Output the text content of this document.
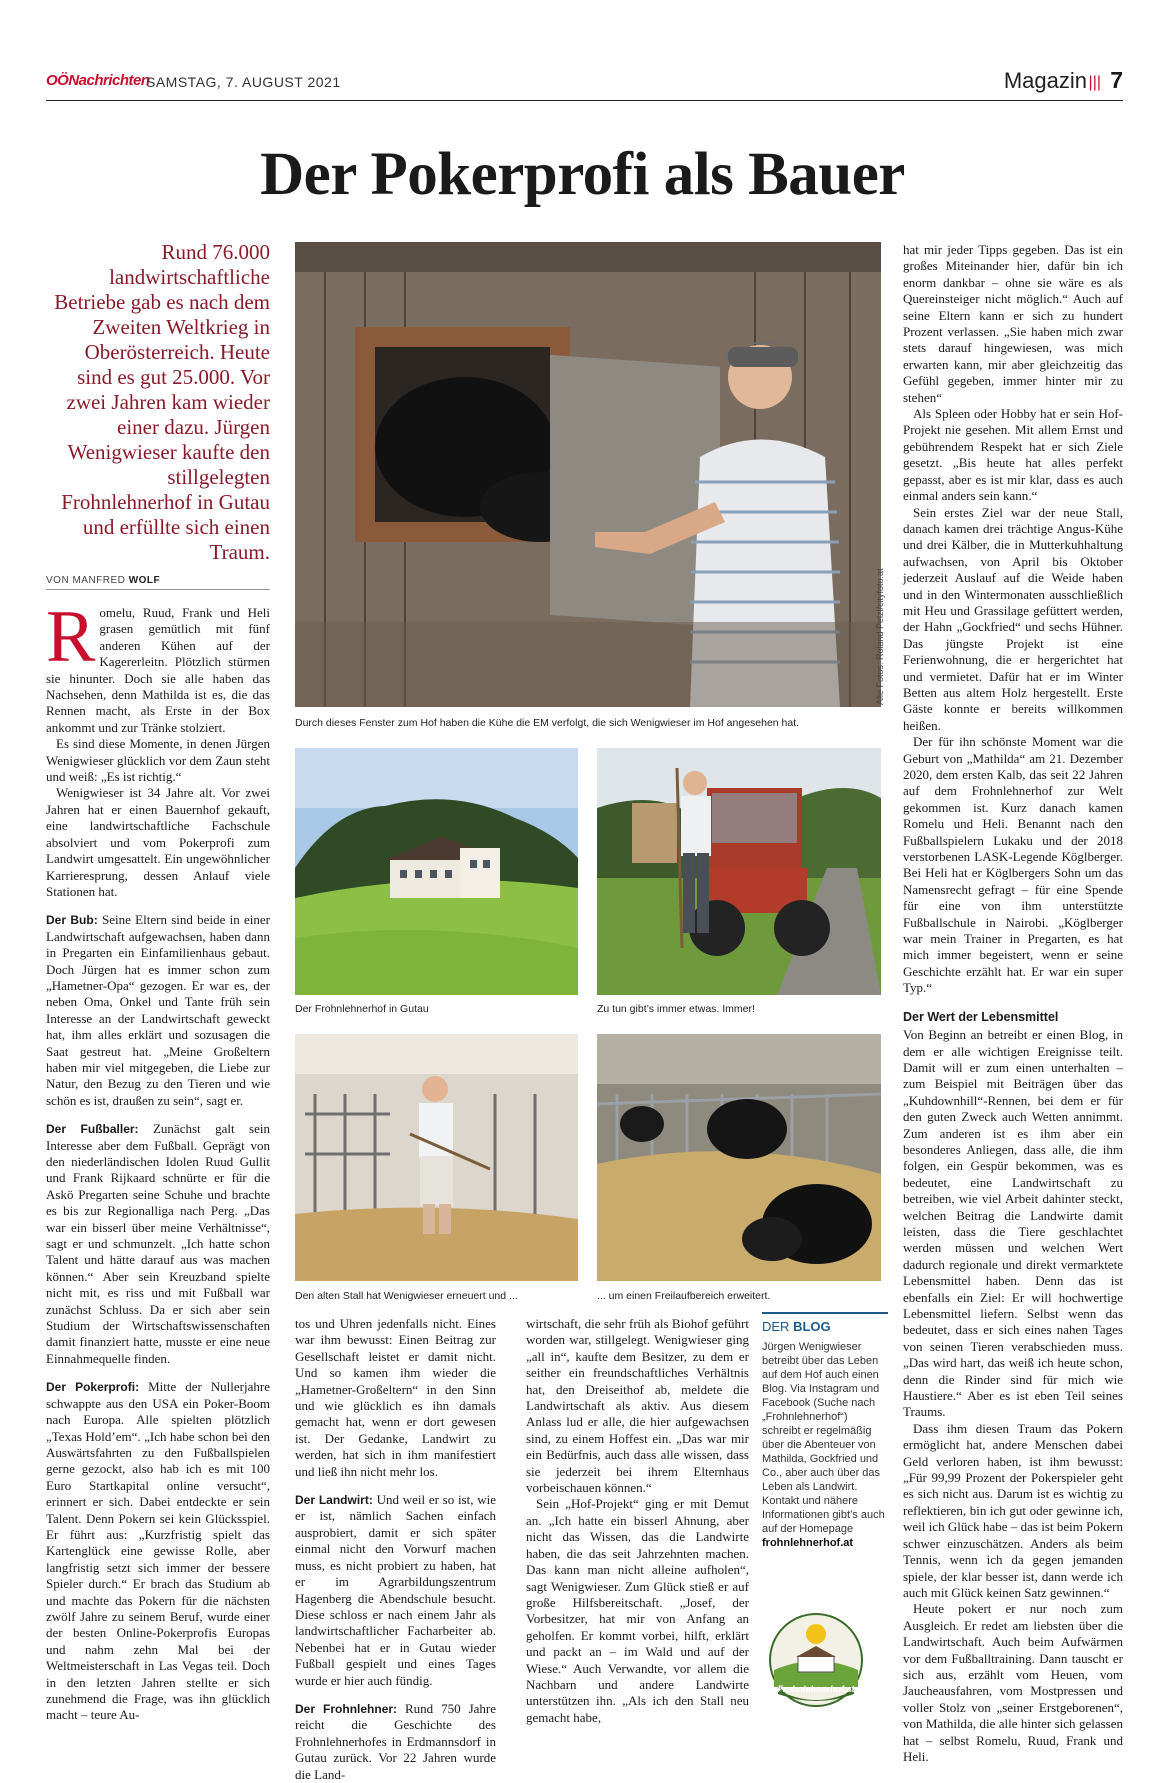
OÖNachrichten
SAMSTAG, 7. AUGUST 2021	Magazin ||| 7
Der Pokerprofi als Bauer
Rund 76.000 landwirtschaftliche Betriebe gab es nach dem Zweiten Weltkrieg in Oberösterreich. Heute sind es gut 25.000. Vor zwei Jahren kam wieder einer dazu. Jürgen Wenigwieser kaufte den stillgelegten Frohnlehnerhof in Gutau und erfüllte sich einen Traum.
VON MANFRED WOLF

Romelu, Ruud, Frank und Heli grasen gemütlich mit fünf anderen Kühen auf der Kagererleitn. Plötzlich stürmen sie hinunter. Doch sie alle haben das Nachsehen, denn Mathilda ist es, die das Rennen macht, als Erste in der Box ankommt und zur Tränke stolziert.

Es sind diese Momente, in denen Jürgen Wenigwieser glücklich vor dem Zaun steht und weiß: „Es ist richtig.“

Wenigwieser ist 34 Jahre alt. Vor zwei Jahren hat er einen Bauernhof gekauft, eine landwirtschaftliche Fachschule absolviert und vom Pokerprofi zum Landwirt umgesattelt. Ein ungewöhnlicher Karrieresprung, dessen Anlauf viele Stationen hat.

Der Bub: Seine Eltern sind beide in einer Landwirtschaft aufgewachsen, haben dann in Pregarten ein Einfamilienhaus gebaut. Doch Jürgen hat es immer schon zum „Hametner-Opa“ gezogen. Er war es, der neben Oma, Onkel und Tante früh sein Interesse an der Landwirtschaft geweckt hat, ihm alles erklärt und sozusagen die Saat gestreut hat. „Meine Großeltern haben mir viel mitgegeben, die Liebe zur Natur, den Bezug zu den Tieren und wie schön es ist, draußen zu sein“, sagt er.

Der Fußballer: Zunächst galt sein Interesse aber dem Fußball. Geprägt von den niederländischen Idolen Ruud Gullit und Frank Rijkaard schnürte er für die Askö Pregarten seine Schuhe und brachte es bis zur Regionalliga nach Perg. „Das war ein bisserl über meine Verhältnisse“, sagt er und schmunzelt. „Ich hatte schon Talent und hätte darauf aus was machen können.“ Aber sein Kreuzband spielte nicht mit, es riss und mit Fußball war zunächst Schluss. Da er sich aber sein Studium der Wirtschaftswissenschaften damit finanziert hatte, musste er eine neue Einnahmequelle finden.

Der Pokerprofi: Mitte der Nullerjahre schwappte aus den USA ein Poker-Boom nach Europa. Alle spielten plötzlich „Texas Hold’em“. „Ich habe schon bei den Auswärtsfahrten zu den Fußballspielen gerne gezockt, also hab ich es mit 100 Euro Startkapital online versucht“, erinnert er sich. Dabei entdeckte er sein Talent. Denn Pokern sei kein Glücksspiel. Er führt aus: „Kurzfristig spielt das Kartenglück eine gewisse Rolle, aber langfristig setzt sich immer der bessere Spieler durch.“ Er brach das Studium ab und machte das Pokern für die nächsten zwölf Jahre zu seinem Beruf, wurde einer der besten Online-Pokerprofis Europas und nahm zehn Mal bei der Weltmeisterschaft in Las Vegas teil. Doch in den letzten Jahren stellte er sich zunehmend die Frage, was ihn glücklich macht – teure Au-

Alle Fotos: Roland Pelzl/cityfoto.at
Durch dieses Fenster zum Hof haben die Kühe die EM verfolgt, die sich Wenigwieser im Hof angesehen hat.
Der Frohnlehnerhof in Gutau	Zu tun gibt’s immer etwas. Immer!
Den alten Stall hat Wenigwieser erneuert und ...	... um einen Freilaufbereich erweitert.

tos und Uhren jedenfalls nicht. Eines war ihm bewusst: Einen Beitrag zur Gesellschaft leistet er damit nicht. Und so kamen ihm wieder die „Hametner-Großeltern“ in den Sinn und wie glücklich es ihn damals gemacht hat, wenn er dort gewesen ist. Der Gedanke, Landwirt zu werden, hat sich in ihm manifestiert und ließ ihn nicht mehr los.

Der Landwirt: Und weil er so ist, wie er ist, nämlich Sachen einfach ausprobiert, damit er sich später einmal nicht den Vorwurf machen muss, es nicht probiert zu haben, hat er im Agrarbildungszentrum Hagenberg die Abendschule besucht. Diese schloss er nach einem Jahr als landwirtschaftlicher Facharbeiter ab. Nebenbei hat er in Gutau wieder Fußball gespielt und eines Tages wurde er hier auch fündig.

Der Frohnlehner: Rund 750 Jahre reicht die Geschichte des Frohnlehnerhofes in Erdmannsdorf in Gutau zurück. Vor 22 Jahren wurde die Land-

wirtschaft, die sehr früh als Biohof geführt worden war, stillgelegt. Wenigwieser ging „all in“, kaufte dem Besitzer, zu dem er seither ein freundschaftliches Verhältnis hat, den Dreiseithof ab, meldete die Landwirtschaft als aktiv. Aus diesem Anlass lud er alle, die hier aufgewachsen sind, zu einem Hoffest ein. „Das war mir ein Bedürfnis, auch dass alle wissen, dass sie jederzeit bei ihrem Elternhaus vorbeischauen können.“

Sein „Hof-Projekt“ ging er mit Demut an. „Ich hatte ein bisserl Ahnung, aber nicht das Wissen, das die Landwirte haben, die das seit Jahrzehnten machen. Das kann man nicht alleine aufholen“, sagt Wenigwieser. Zum Glück stieß er auf große Hilfsbereitschaft. „Josef, der Vorbesitzer, hat mir von Anfang an geholfen. Er kommt vorbei, hilft, erklärt und packt an – im Wald und auf der Wiese.“ Auch Verwandte, vor allem die Nachbarn und andere Landwirte unterstützen ihn. „Als ich den Stall neu gemacht habe,

DER BLOG
Jürgen Wenigwieser betreibt über das Leben auf dem Hof auch einen Blog. Via Instagram und Facebook (Suche nach „Frohnlehnerhof“) schreibt er regelmäßig über die Abenteuer von Mathilda, Gockfried und Co., aber auch über das Leben als Landwirt. Kontakt und nähere Informationen gibt’s auch auf der Homepage
frohnlehnerhof.at
Frohnlehnerhof.at

hat mir jeder Tipps gegeben. Das ist ein großes Miteinander hier, dafür bin ich enorm dankbar – ohne sie wäre es als Quereinsteiger nicht möglich.“ Auch auf seine Eltern kann er sich zu hundert Prozent verlassen. „Sie haben mich zwar stets darauf hingewiesen, was mich erwarten kann, mir aber gleichzeitig das Gefühl gegeben, immer hinter mir zu stehen“

Als Spleen oder Hobby hat er sein Hof-Projekt nie gesehen. Mit allem Ernst und gebührendem Respekt hat er sich Ziele gesetzt. „Bis heute hat alles perfekt gepasst, aber es ist mir klar, dass es auch einmal anders sein kann.“

Sein erstes Ziel war der neue Stall, danach kamen drei trächtige Angus-Kühe und drei Kälber, die in Mutterkuhhaltung aufwachsen, von April bis Oktober jederzeit Auslauf auf die Weide haben und in den Wintermonaten ausschließlich mit Heu und Grassilage gefüttert werden, der Hahn „Gockfried“ und sechs Hühner. Das jüngste Projekt ist eine Ferienwohnung, die er hergerichtet hat und vermietet. Dafür hat er im Winter Betten aus altem Holz hergestellt. Erste Gäste konnte er bereits willkommen heißen.

Der für ihn schönste Moment war die Geburt von „Mathilda“ am 21. Dezember 2020, dem ersten Kalb, das seit 22 Jahren auf dem Frohnlehnerhof zur Welt gekommen ist. Kurz danach kamen Romelu und Heli. Benannt nach den Fußballspielern Lukaku und der 2018 verstorbenen LASK-Legende Köglberger. Bei Heli hat er Köglbergers Sohn um das Namensrecht gefragt – für eine Spende für eine von ihm unterstützte Fußballschule in Nairobi. „Köglberger war mein Trainer in Pregarten, es hat mich immer begeistert, wenn er seine Geschichte erzählt hat. Er war ein super Typ.“

Der Wert der Lebensmittel

Von Beginn an betreibt er einen Blog, in dem er alle wichtigen Ereignisse teilt. Damit will er zum einen unterhalten – zum Beispiel mit Beiträgen über das „Kuhdownhill“-Rennen, bei dem er für den guten Zweck auch Wetten annimmt. Zum anderen ist es ihm aber ein besonderes Anliegen, dass alle, die ihm folgen, ein Gespür bekommen, was es bedeutet, eine Landwirtschaft zu betreiben, wie viel Arbeit dahinter steckt, welchen Beitrag die Landwirte damit leisten, dass die Tiere geschlachtet werden müssen und welchen Wert dadurch regionale und direkt vermarktete Lebensmittel haben. Denn das ist ebenfalls ein Ziel: Er will hochwertige Lebensmittel liefern. Selbst wenn das bedeutet, dass er sich eines nahen Tages von seinen Tieren verabschieden muss. „Das wird hart, das weiß ich heute schon, denn die Rinder sind für mich wie Haustiere.“ Aber es ist eben Teil seines Traums.

Dass ihm diesen Traum das Pokern ermöglicht hat, andere Menschen dabei Geld verloren haben, ist ihm bewusst: „Für 99,99 Prozent der Pokerspieler geht es sich nicht aus. Darum ist es wichtig zu reflektieren, bin ich gut oder gewinne ich, weil ich Glück habe – das ist beim Pokern schwer einzuschätzen. Anders als beim Tennis, wenn ich da gegen jemanden spiele, der klar besser ist, dann werde ich auch mit Glück keinen Satz gewinnen.“

Heute pokert er nur noch zum Ausgleich. Er redet am liebsten über die Landwirtschaft. Auch beim Aufwärmen vor dem Fußballtraining. Dann tauscht er sich aus, erzählt vom Heuen, vom Jaucheausfahren, vom Mostpressen und voller Stolz von „seiner Erstgeborenen“, von Mathilda, die alle hinter sich gelassen hat – selbst Romelu, Ruud, Frank und Heli.
